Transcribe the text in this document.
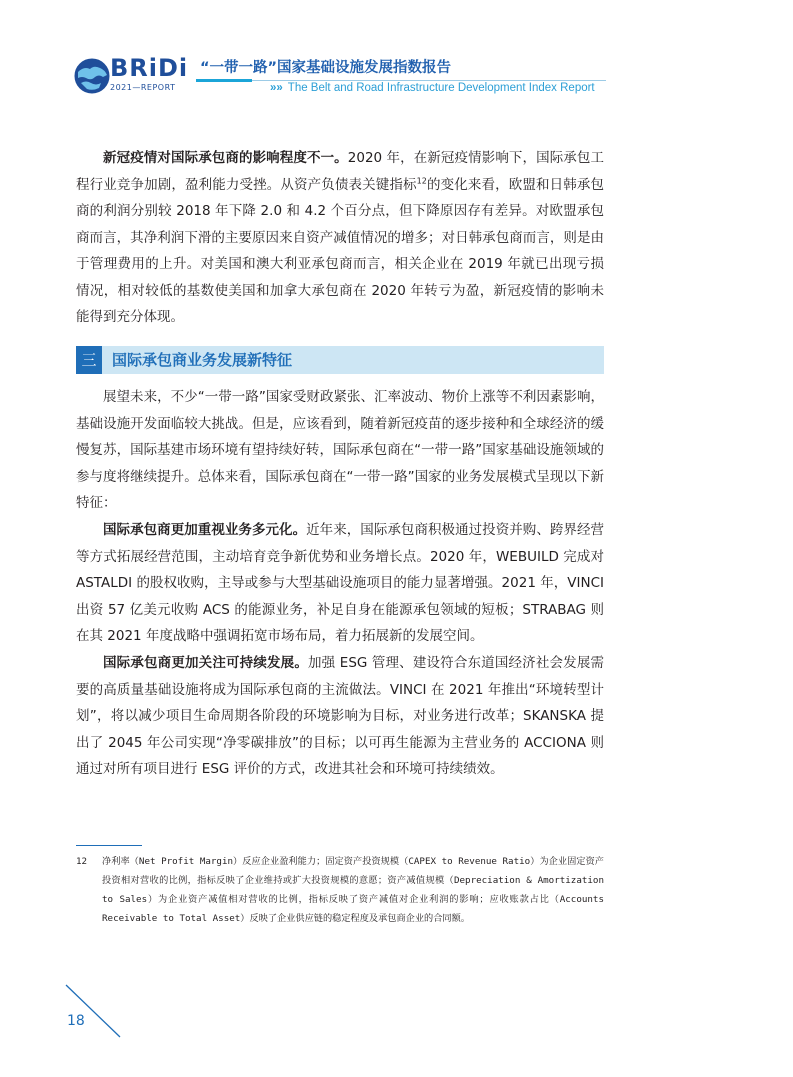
BRiDi
2021—REPORT
“一带一路”国家基础设施发展指数报告
»» The Belt and Road Infrastructure Development Index Report
新冠疫情对国际承包商的影响程度不一。2020 年，在新冠疫情影响下，国际承包工程行业竞争加剧，盈利能力受挫。从资产负债表关键指标$^{12}$的变化来看，欧盟和日韩承包商的利润分别较 2018 年下降 2.0 和 4.2 个百分点，但下降原因存有差异。对欧盟承包商而言，其净利润下滑的主要原因来自资产减值情况的增多；对日韩承包商而言，则是由于管理费用的上升。对美国和澳大利亚承包商而言，相关企业在 2019 年就已出现亏损情况，相对较低的基数使美国和加拿大承包商在 2020 年转亏为盈，新冠疫情的影响未能得到充分体现。
三	国际承包商业务发展新特征
展望未来，不少“一带一路”国家受财政紧张、汇率波动、物价上涨等不利因素影响，基础设施开发面临较大挑战。但是，应该看到，随着新冠疫苗的逐步接种和全球经济的缓慢复苏，国际基建市场环境有望持续好转，国际承包商在“一带一路”国家基础设施领域的参与度将继续提升。总体来看，国际承包商在“一带一路”国家的业务发展模式呈现以下新特征：
国际承包商更加重视业务多元化。近年来，国际承包商积极通过投资并购、跨界经营等方式拓展经营范围，主动培育竞争新优势和业务增长点。2020 年，WEBUILD 完成对 ASTALDI 的股权收购，主导或参与大型基础设施项目的能力显著增强。2021 年，VINCI 出资 57 亿美元收购 ACS 的能源业务，补足自身在能源承包领域的短板；STRABAG 则在其 2021 年度战略中强调拓宽市场布局，着力拓展新的发展空间。
国际承包商更加关注可持续发展。加强 ESG 管理、建设符合东道国经济社会发展需要的高质量基础设施将成为国际承包商的主流做法。VINCI 在 2021 年推出“环境转型计划”，将以减少项目生命周期各阶段的环境影响为目标，对业务进行改革；SKANSKA 提出了 2045 年公司实现“净零碳排放”的目标；以可再生能源为主营业务的 ACCIONA 则通过对所有项目进行 ESG 评价的方式，改进其社会和环境可持续绩效。
12 净利率（Net Profit Margin）反应企业盈利能力；固定资产投资规模（CAPEX to Revenue Ratio）为企业固定资产投资相对营收的比例，指标反映了企业维持或扩大投资规模的意愿；资产减值规模（Depreciation & Amortization to Sales）为企业资产减值相对营收的比例，指标反映了资产减值对企业利润的影响；应收账款占比（Accounts Receivable to Total Asset）反映了企业供应链的稳定程度及承包商企业的合同额。
18
